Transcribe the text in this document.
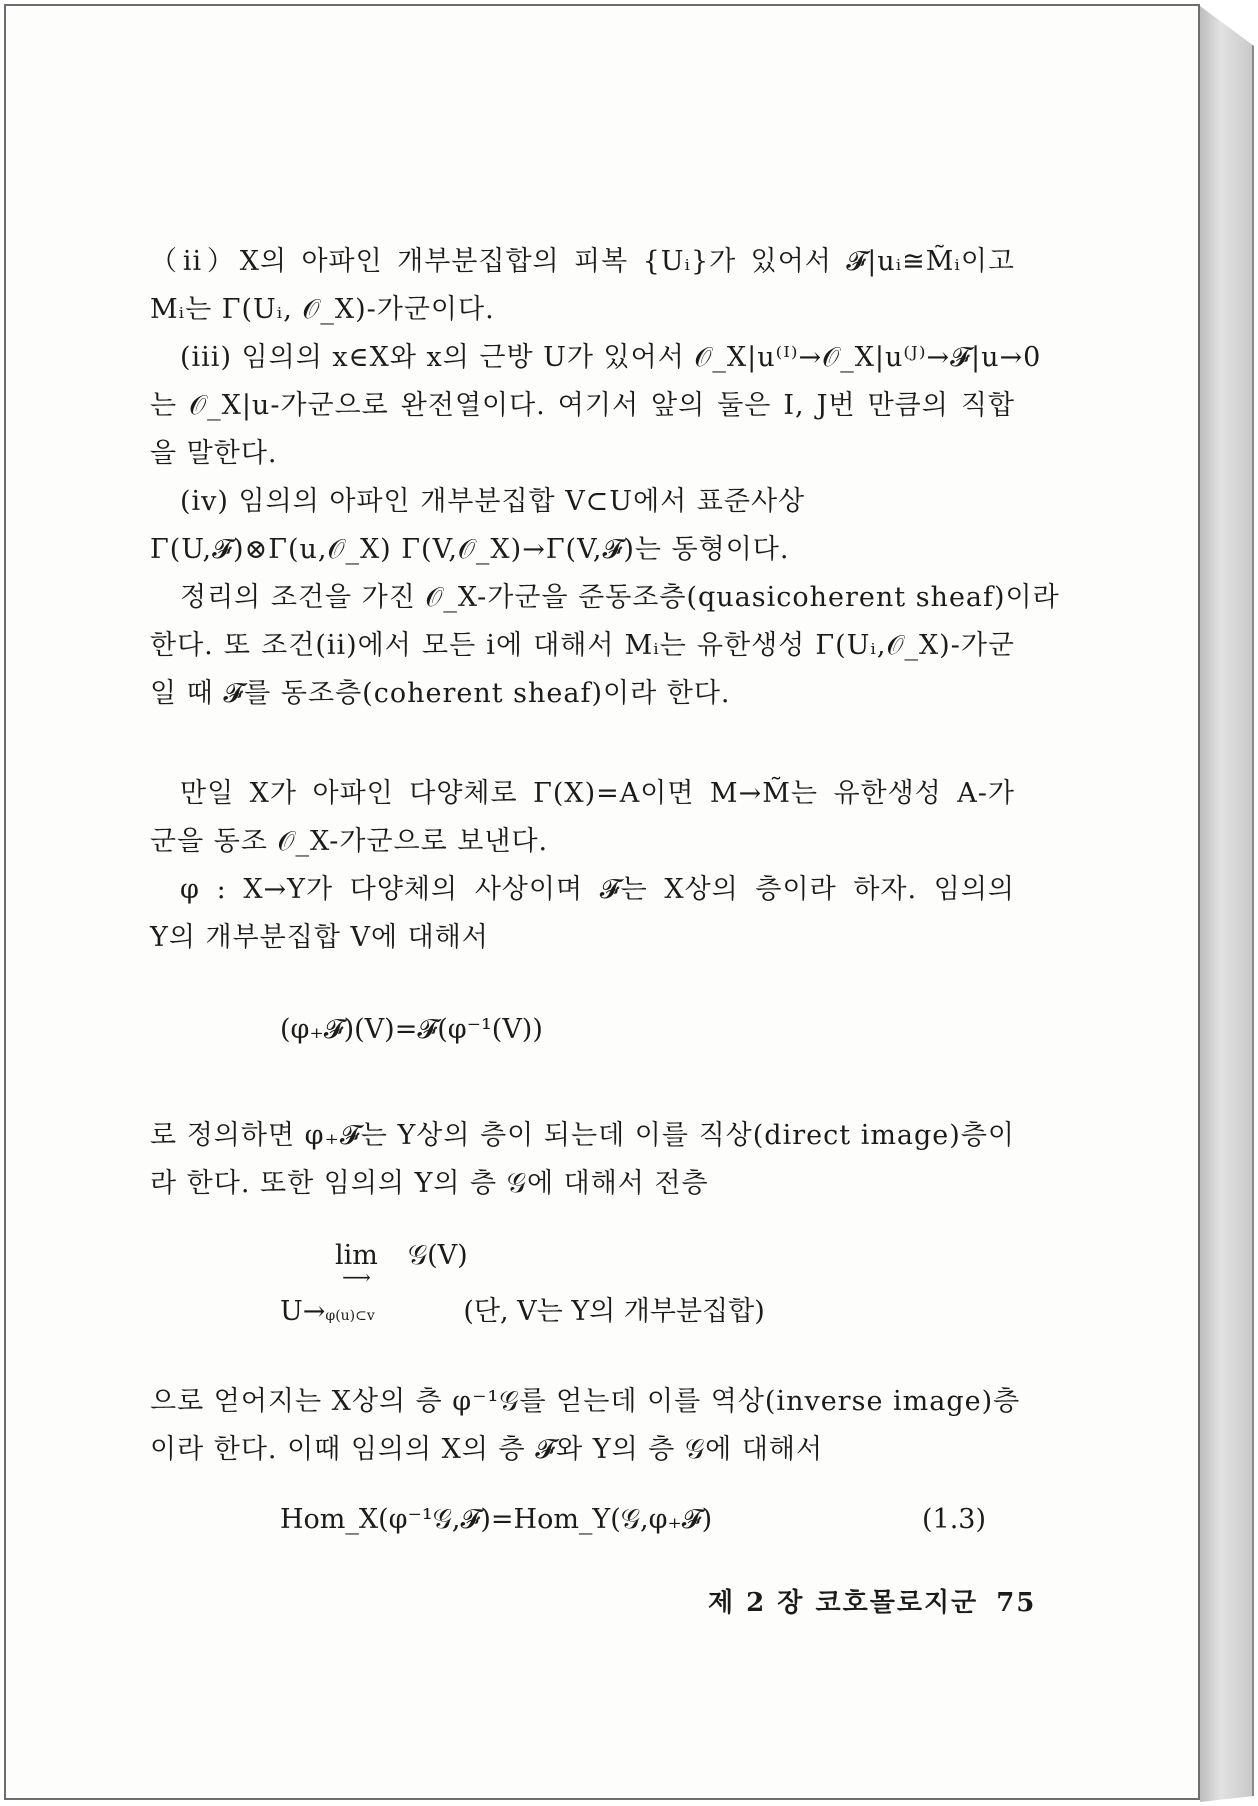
（ii）X의 아파인 개부분집합의 피복 {Uᵢ}가 있어서 𝓕|uᵢ≅M̃ᵢ이고
Mᵢ는 Γ(Uᵢ, 𝒪_X)-가군이다.
(iii) 임의의 x∈X와 x의 근방 U가 있어서 𝒪_X|u⁽ᴵ⁾→𝒪_X|u⁽ᴶ⁾→𝓕|u→0
는 𝒪_X|u-가군으로 완전열이다. 여기서 앞의 둘은 I, J번 만큼의 직합
을 말한다.
(iv) 임의의 아파인 개부분집합 V⊂U에서 표준사상
Γ(U,𝓕)⊗Γ(u,𝒪_X) Γ(V,𝒪_X)→Γ(V,𝓕)는 동형이다.
정리의 조건을 가진 𝒪_X-가군을 준동조층(quasicoherent sheaf)이라
한다. 또 조건(ii)에서 모든 i에 대해서 Mᵢ는 유한생성 Γ(Uᵢ,𝒪_X)-가군
일 때 𝓕를 동조층(coherent sheaf)이라 한다.
만일 X가 아파인 다양체로 Γ(X)=A이면 M→M̃는 유한생성 A-가
군을 동조 𝒪_X-가군으로 보낸다.
φ : X→Y가 다양체의 사상이며 𝓕는 X상의 층이라 하자. 임의의
Y의 개부분집합 V에 대해서
(φ₊𝓕)(V)=𝓕(φ⁻¹(V))
로 정의하면 φ₊𝓕는 Y상의 층이 되는데 이를 직상(direct image)층이
라 한다. 또한 임의의 Y의 층 𝒢에 대해서 전층
lim
⟶
𝒢(V)
U→φ(u)⊂v	(단, V는 Y의 개부분집합)
으로 얻어지는 X상의 층 φ⁻¹𝒢를 얻는데 이를 역상(inverse image)층
이라 한다. 이때 임의의 X의 층 𝓕와 Y의 층 𝒢에 대해서
Hom_X(φ⁻¹𝒢,𝓕)=Hom_Y(𝒢,φ₊𝓕)	(1.3)
제 2 장 코호몰로지군 75
